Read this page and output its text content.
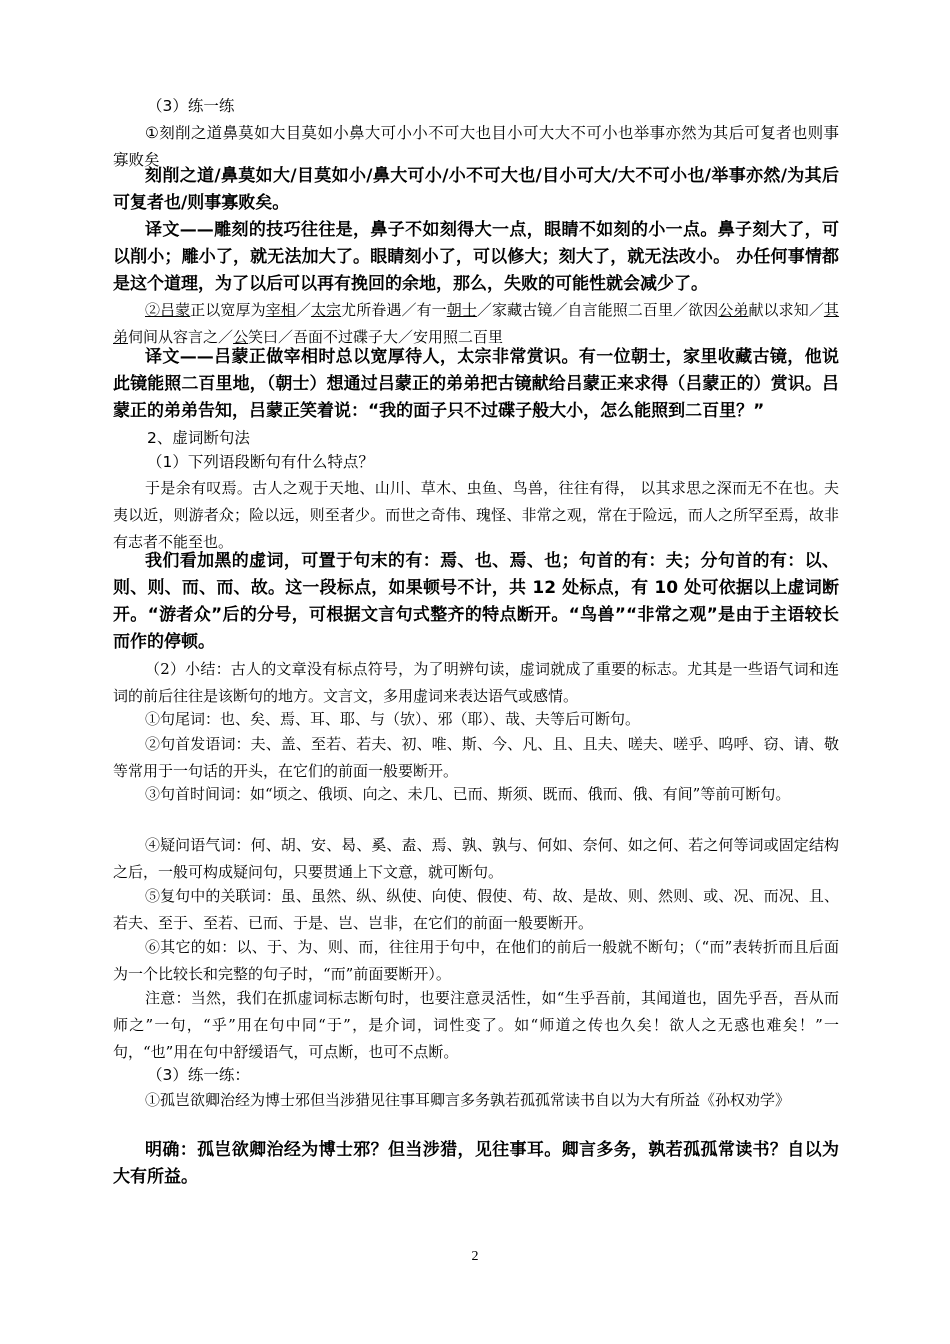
（3）练一练

①刻削之道鼻莫如大目莫如小鼻大可小小不可大也目小可大大不可小也举事亦然为其后可复者也则事寡败矣

刻削之道/鼻莫如大/目莫如小/鼻大可小/小不可大也/目小可大/大不可小也/举事亦然/为其后可复者也/则事寡败矣。

译文——雕刻的技巧往往是，鼻子不如刻得大一点，眼睛不如刻的小一点。鼻子刻大了，可以削小；雕小了，就无法加大了。眼睛刻小了，可以修大；刻大了，就无法改小。 办任何事情都是这个道理，为了以后可以再有挽回的余地，那么，失败的可能性就会减少了。

②吕蒙正以宽厚为宰相／太宗尤所眷遇／有一朝士／家藏古镜／自言能照二百里／欲因公弟献以求知／其弟伺间从容言之／公笑曰／吾面不过碟子大／安用照二百里

译文——吕蒙正做宰相时总以宽厚待人，太宗非常赏识。有一位朝士，家里收藏古镜，他说此镜能照二百里地，（朝士）想通过吕蒙正的弟弟把古镜献给吕蒙正来求得（吕蒙正的）赏识。吕蒙正的弟弟告知，吕蒙正笑着说：“我的面子只不过碟子般大小，怎么能照到二百里？”

2、虚词断句法

（1）下列语段断句有什么特点？

于是余有叹焉。古人之观于天地、山川、草木、虫鱼、鸟兽，往往有得， 以其求思之深而无不在也。夫夷以近，则游者众；险以远，则至者少。而世之奇伟、瑰怪、非常之观，常在于险远，而人之所罕至焉，故非有志者不能至也。

我们看加黑的虚词，可置于句末的有：焉、也、焉、也；句首的有：夫；分句首的有：以、则、则、而、而、故。这一段标点，如果顿号不计，共 12 处标点，有 10 处可依据以上虚词断开。“游者众”后的分号，可根据文言句式整齐的特点断开。“鸟兽”“非常之观”是由于主语较长而作的停顿。

（2）小结：古人的文章没有标点符号，为了明辨句读，虚词就成了重要的标志。尤其是一些语气词和连词的前后往往是该断句的地方。文言文，多用虚词来表达语气或感情。

①句尾词：也、矣、焉、耳、耶、与（欤）、邪（耶）、哉、夫等后可断句。

②句首发语词：夫、盖、至若、若夫、初、唯、斯、今、凡、且、且夫、嗟夫、嗟乎、呜呼、窃、请、敬等常用于一句话的开头，在它们的前面一般要断开。

③句首时间词：如“顷之、俄顷、向之、未几、已而、斯须、既而、俄而、俄、有间”等前可断句。

④疑问语气词：何、胡、安、曷、奚、盍、焉、孰、孰与、何如、奈何、如之何、若之何等词或固定结构之后，一般可构成疑问句，只要贯通上下文意，就可断句。

⑤复句中的关联词：虽、虽然、纵、纵使、向使、假使、苟、故、是故、则、然则、或、况、而况、且、若夫、至于、至若、已而、于是、岂、岂非，在它们的前面一般要断开。

⑥其它的如：以、于、为、则、而，往往用于句中，在他们的前后一般就不断句；（“而”表转折而且后面为一个比较长和完整的句子时，“而”前面要断开）。

注意：当然，我们在抓虚词标志断句时，也要注意灵活性，如“生乎吾前，其闻道也，固先乎吾，吾从而师之”一句，“乎”用在句中同“于”，是介词，词性变了。如“师道之传也久矣！欲人之无惑也难矣！”一句，“也”用在句中舒缓语气，可点断，也可不点断。

（3）练一练：

①孤岂欲卿治经为博士邪但当涉猎见往事耳卿言多务孰若孤孤常读书自以为大有所益《孙权劝学》

明确：孤岂欲卿治经为博士邪？但当涉猎，见往事耳。卿言多务，孰若孤孤常读书？自以为大有所益。

2
